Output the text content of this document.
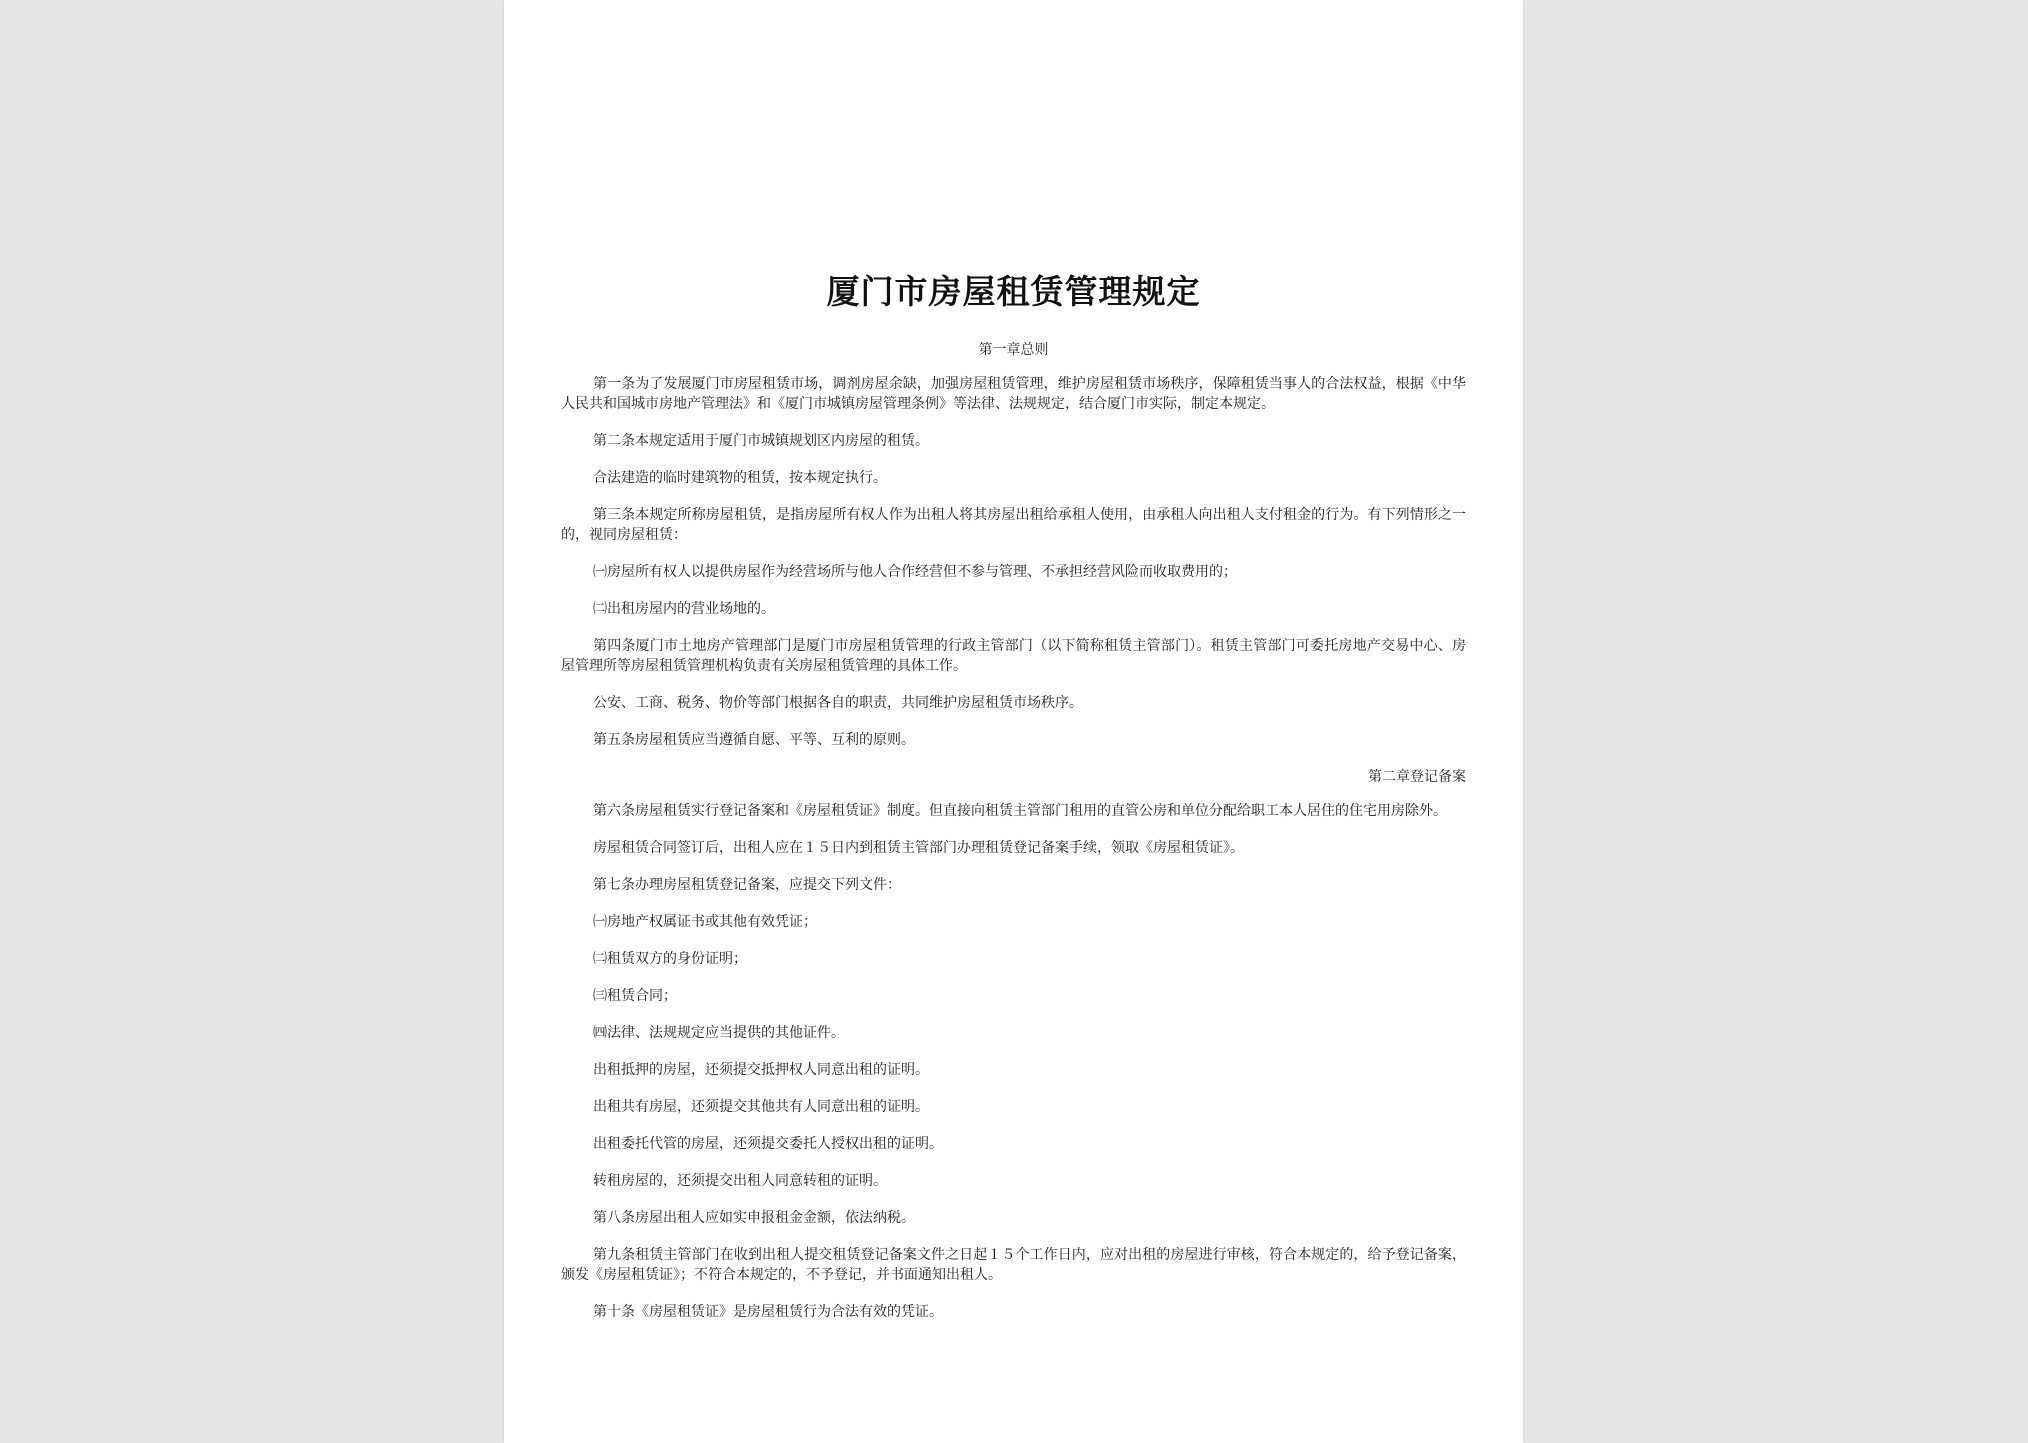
厦门市房屋租赁管理规定
第一章总则

第一条为了发展厦门市房屋租赁市场，调剂房屋余缺，加强房屋租赁管理，维护房屋租赁市场秩序，保障租赁当事人的合法权益，根据《中华人民共和国城市房地产管理法》和《厦门市城镇房屋管理条例》等法律、法规规定，结合厦门市实际，制定本规定。

第二条本规定适用于厦门市城镇规划区内房屋的租赁。

合法建造的临时建筑物的租赁，按本规定执行。

第三条本规定所称房屋租赁，是指房屋所有权人作为出租人将其房屋出租给承租人使用，由承租人向出租人支付租金的行为。有下列情形之一的，视同房屋租赁：

㈠房屋所有权人以提供房屋作为经营场所与他人合作经营但不参与管理、不承担经营风险而收取费用的；

㈡出租房屋内的营业场地的。

第四条厦门市土地房产管理部门是厦门市房屋租赁管理的行政主管部门（以下简称租赁主管部门）。租赁主管部门可委托房地产交易中心、房屋管理所等房屋租赁管理机构负责有关房屋租赁管理的具体工作。

公安、工商、税务、物价等部门根据各自的职责，共同维护房屋租赁市场秩序。

第五条房屋租赁应当遵循自愿、平等、互利的原则。

第二章登记备案

第六条房屋租赁实行登记备案和《房屋租赁证》制度。但直接向租赁主管部门租用的直管公房和单位分配给职工本人居住的住宅用房除外。

房屋租赁合同签订后，出租人应在１５日内到租赁主管部门办理租赁登记备案手续，领取《房屋租赁证》。

第七条办理房屋租赁登记备案，应提交下列文件：

㈠房地产权属证书或其他有效凭证；

㈡租赁双方的身份证明；

㈢租赁合同；

㈣法律、法规规定应当提供的其他证件。

出租抵押的房屋，还须提交抵押权人同意出租的证明。

出租共有房屋，还须提交其他共有人同意出租的证明。

出租委托代管的房屋，还须提交委托人授权出租的证明。

转租房屋的，还须提交出租人同意转租的证明。

第八条房屋出租人应如实申报租金金额，依法纳税。

第九条租赁主管部门在收到出租人提交租赁登记备案文件之日起１５个工作日内，应对出租的房屋进行审核，符合本规定的，给予登记备案，颁发《房屋租赁证》；不符合本规定的，不予登记，并书面通知出租人。

第十条《房屋租赁证》是房屋租赁行为合法有效的凭证。
